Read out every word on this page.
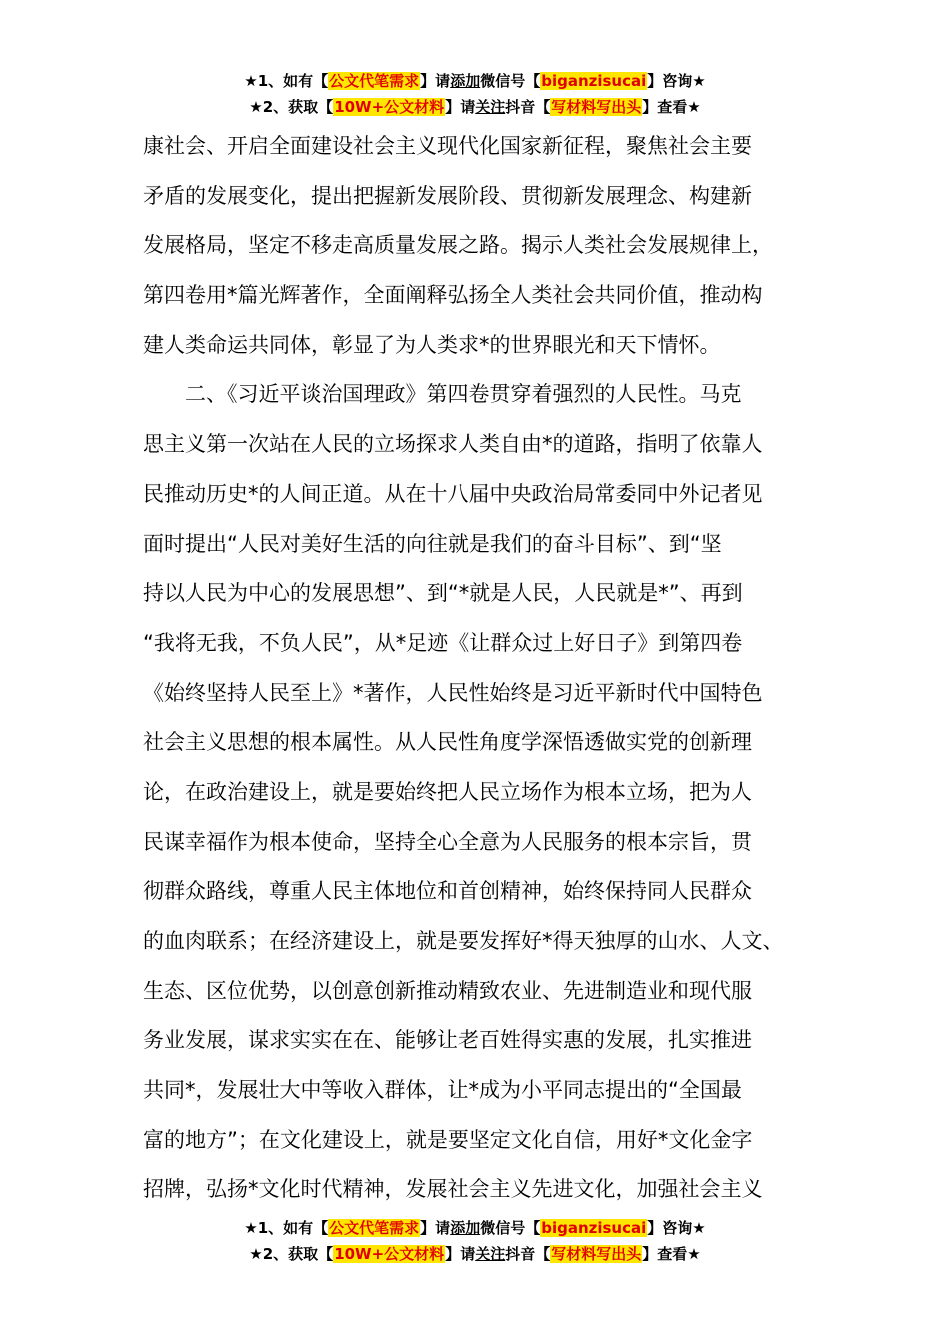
★1、如有【公文代笔需求】请添加微信号【biganzisucai】咨询★
★2、获取【10W+公文材料】请关注抖音【写材料写出头】查看★
康社会、开启全面建设社会主义现代化国家新征程，聚焦社会主要
矛盾的发展变化，提出把握新发展阶段、贯彻新发展理念、构建新
发展格局，坚定不移走高质量发展之路。揭示人类社会发展规律上，
第四卷用*篇光辉著作，全面阐释弘扬全人类社会共同价值，推动构
建人类命运共同体，彰显了为人类求*的世界眼光和天下情怀。
二、《习近平谈治国理政》第四卷贯穿着强烈的人民性。马克
思主义第一次站在人民的立场探求人类自由*的道路，指明了依靠人
民推动历史*的人间正道。从在十八届中央政治局常委同中外记者见
面时提出“人民对美好生活的向往就是我们的奋斗目标”、到“坚
持以人民为中心的发展思想”、到“*就是人民，人民就是*”、再到
“我将无我，不负人民”，从*足迹《让群众过上好日子》到第四卷
《始终坚持人民至上》*著作，人民性始终是习近平新时代中国特色
社会主义思想的根本属性。从人民性角度学深悟透做实党的创新理
论，在政治建设上，就是要始终把人民立场作为根本立场，把为人
民谋幸福作为根本使命，坚持全心全意为人民服务的根本宗旨，贯
彻群众路线，尊重人民主体地位和首创精神，始终保持同人民群众
的血肉联系；在经济建设上，就是要发挥好*得天独厚的山水、人文、
生态、区位优势，以创意创新推动精致农业、先进制造业和现代服
务业发展，谋求实实在在、能够让老百姓得实惠的发展，扎实推进
共同*，发展壮大中等收入群体，让*成为小平同志提出的“全国最
富的地方”；在文化建设上，就是要坚定文化自信，用好*文化金字
招牌，弘扬*文化时代精神，发展社会主义先进文化，加强社会主义
★1、如有【公文代笔需求】请添加微信号【biganzisucai】咨询★
★2、获取【10W+公文材料】请关注抖音【写材料写出头】查看★
